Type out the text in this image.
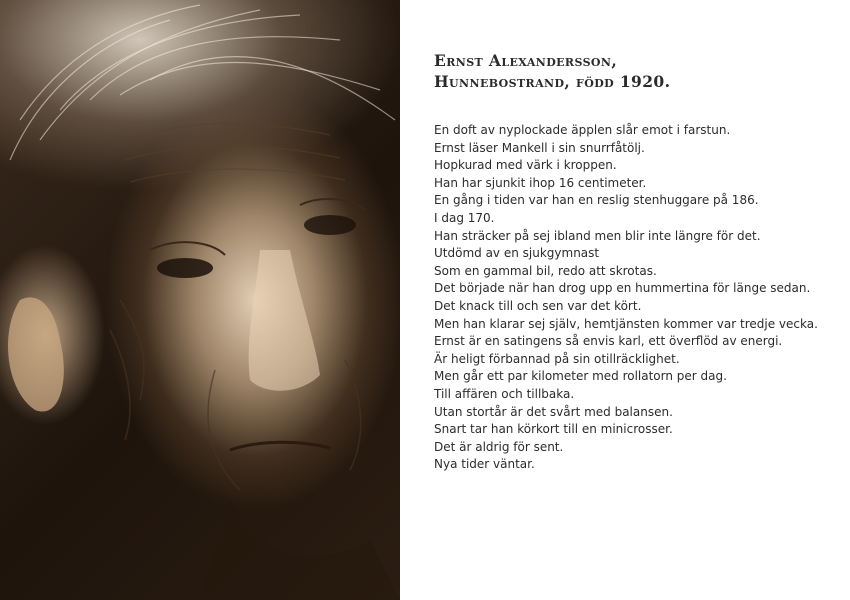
Ernst Alexandersson,
Hunnebostrand, född 1920.
En doft av nyplockade äpplen slår emot i farstun.
Ernst läser Mankell i sin snurrfåtölj.
Hopkurad med värk i kroppen.
Han har sjunkit ihop 16 centimeter.
En gång i tiden var han en reslig stenhuggare på 186.
I dag 170.
Han sträcker på sej ibland men blir inte längre för det.
Utdömd av en sjukgymnast
Som en gammal bil, redo att skrotas.
Det började när han drog upp en hummertina för länge sedan.
Det knack till och sen var det kört.
Men han klarar sej själv, hemtjänsten kommer var tredje vecka.
Ernst är en satingens så envis karl, ett överflöd av energi.
Är heligt förbannad på sin otillräcklighet.
Men går ett par kilometer med rollatorn per dag.
Till affären och tillbaka.
Utan stortår är det svårt med balansen.
Snart tar han körkort till en minicrosser.
Det är aldrig för sent.
Nya tider väntar.
